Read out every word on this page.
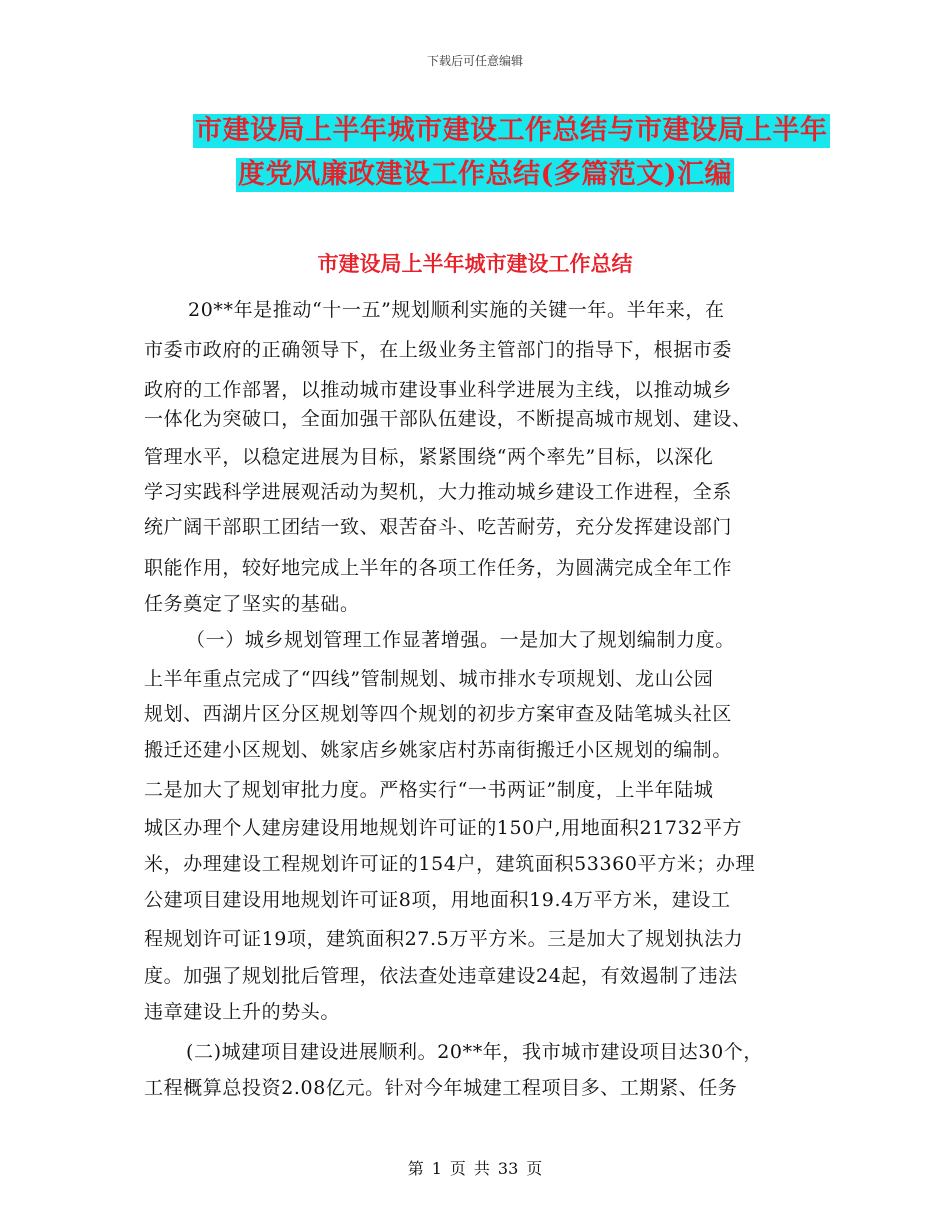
下载后可任意编辑
市建设局上半年城市建设工作总结与市建设局上半年
度党风廉政建设工作总结(多篇范文)汇编
市建设局上半年城市建设工作总结
20**年是推动“十一五”规划顺利实施的关键一年。半年来，在
市委市政府的正确领导下，在上级业务主管部门的指导下，根据市委
政府的工作部署，以推动城市建设事业科学进展为主线，以推动城乡
一体化为突破口，全面加强干部队伍建设，不断提高城市规划、建设、
管理水平，以稳定进展为目标，紧紧围绕“两个率先”目标，以深化
学习实践科学进展观活动为契机，大力推动城乡建设工作进程，全系
统广阔干部职工团结一致、艰苦奋斗、吃苦耐劳，充分发挥建设部门
职能作用，较好地完成上半年的各项工作任务，为圆满完成全年工作
任务奠定了坚实的基础。
（一）城乡规划管理工作显著增强。一是加大了规划编制力度。
上半年重点完成了“四线”管制规划、城市排水专项规划、龙山公园
规划、西湖片区分区规划等四个规划的初步方案审查及陆笔城头社区
搬迁还建小区规划、姚家店乡姚家店村苏南街搬迁小区规划的编制。
二是加大了规划审批力度。严格实行“一书两证”制度，上半年陆城
城区办理个人建房建设用地规划许可证的150户,用地面积21732平方
米，办理建设工程规划许可证的154户，建筑面积53360平方米；办理
公建项目建设用地规划许可证8项，用地面积19.4万平方米，建设工
程规划许可证19项，建筑面积27.5万平方米。三是加大了规划执法力
度。加强了规划批后管理，依法查处违章建设24起，有效遏制了违法
违章建设上升的势头。
(二)城建项目建设进展顺利。20**年，我市城市建设项目达30个，
工程概算总投资2.08亿元。针对今年城建工程项目多、工期紧、任务
第 1 页 共 33 页
